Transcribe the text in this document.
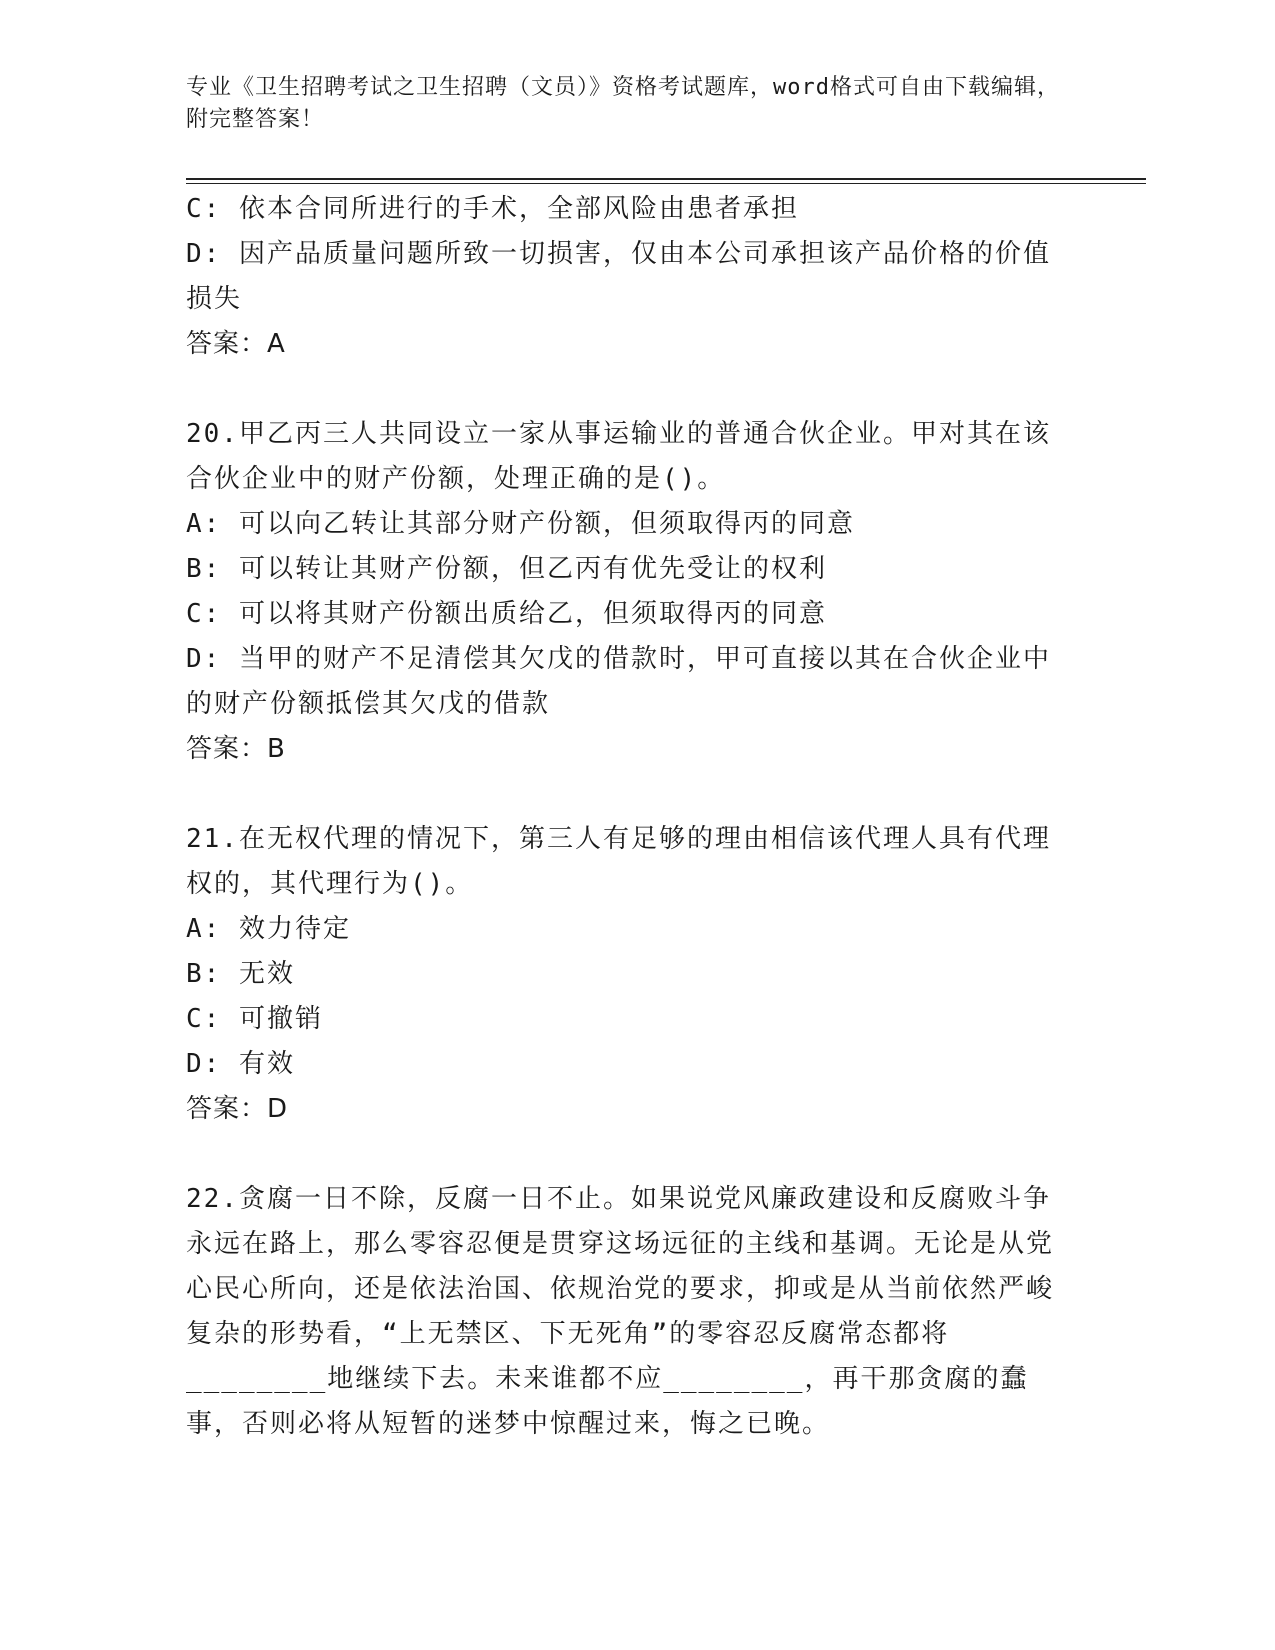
专业《卫生招聘考试之卫生招聘（文员）》资格考试题库，word格式可自由下载编辑，附完整答案！
C: 依本合同所进行的手术，全部风险由患者承担
D: 因产品质量问题所致一切损害，仅由本公司承担该产品价格的价值损失
答案：A
20.甲乙丙三人共同设立一家从事运输业的普通合伙企业。甲对其在该合伙企业中的财产份额，处理正确的是()。
A: 可以向乙转让其部分财产份额，但须取得丙的同意
B: 可以转让其财产份额，但乙丙有优先受让的权利
C: 可以将其财产份额出质给乙，但须取得丙的同意
D: 当甲的财产不足清偿其欠戊的借款时，甲可直接以其在合伙企业中的财产份额抵偿其欠戊的借款
答案：B
21.在无权代理的情况下，第三人有足够的理由相信该代理人具有代理权的，其代理行为()。
A: 效力待定
B: 无效
C: 可撤销
D: 有效
答案：D
22.贪腐一日不除，反腐一日不止。如果说党风廉政建设和反腐败斗争永远在路上，那么零容忍便是贯穿这场远征的主线和基调。无论是从党心民心所向，还是依法治国、依规治党的要求，抑或是从当前依然严峻复杂的形势看，“上无禁区、下无死角”的零容忍反腐常态都将________地继续下去。未来谁都不应________，再干那贪腐的蠢事，否则必将从短暂的迷梦中惊醒过来，悔之已晚。
